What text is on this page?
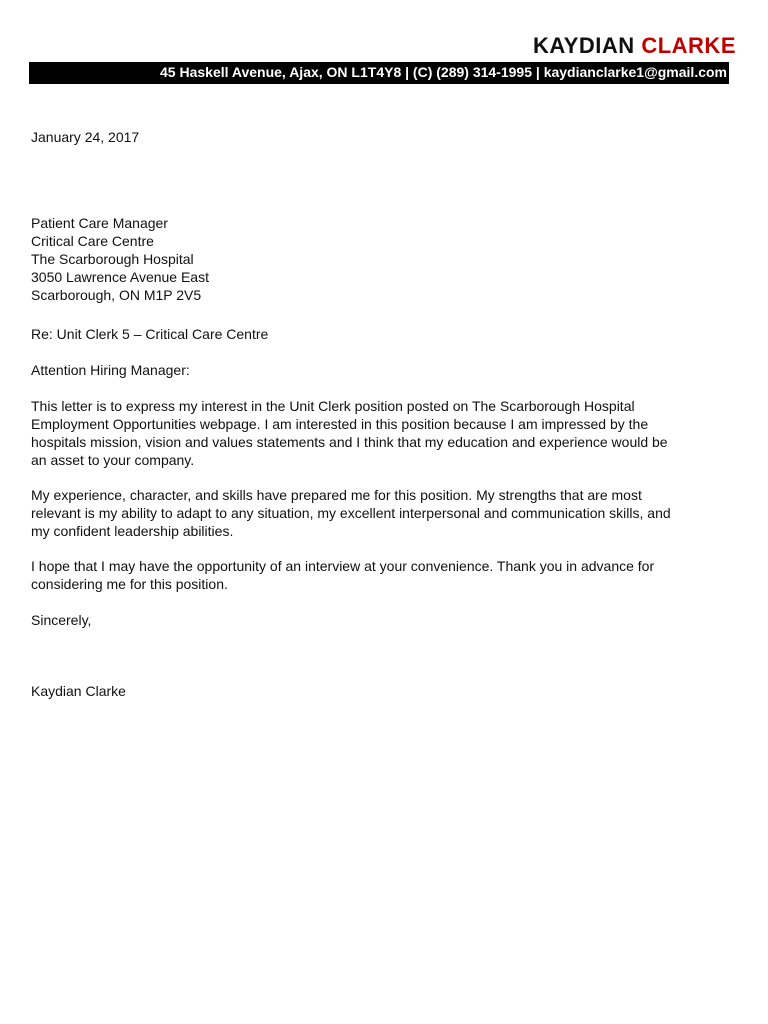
KAYDIAN CLARKE
45 Haskell Avenue, Ajax, ON L1T4Y8 | (C) (289) 314-1995 | kaydianclarke1@gmail.com

January 24, 2017

Patient Care Manager
Critical Care Centre
The Scarborough Hospital
3050 Lawrence Avenue East
Scarborough, ON M1P 2V5

Re: Unit Clerk 5 – Critical Care Centre

Attention Hiring Manager:

This letter is to express my interest in the Unit Clerk position posted on The Scarborough Hospital
Employment Opportunities webpage. I am interested in this position because I am impressed by the
hospitals mission, vision and values statements and I think that my education and experience would be
an asset to your company.
My experience, character, and skills have prepared me for this position. My strengths that are most
relevant is my ability to adapt to any situation, my excellent interpersonal and communication skills, and
my confident leadership abilities.
I hope that I may have the opportunity of an interview at your convenience. Thank you in advance for
considering me for this position.

Sincerely,

Kaydian Clarke
